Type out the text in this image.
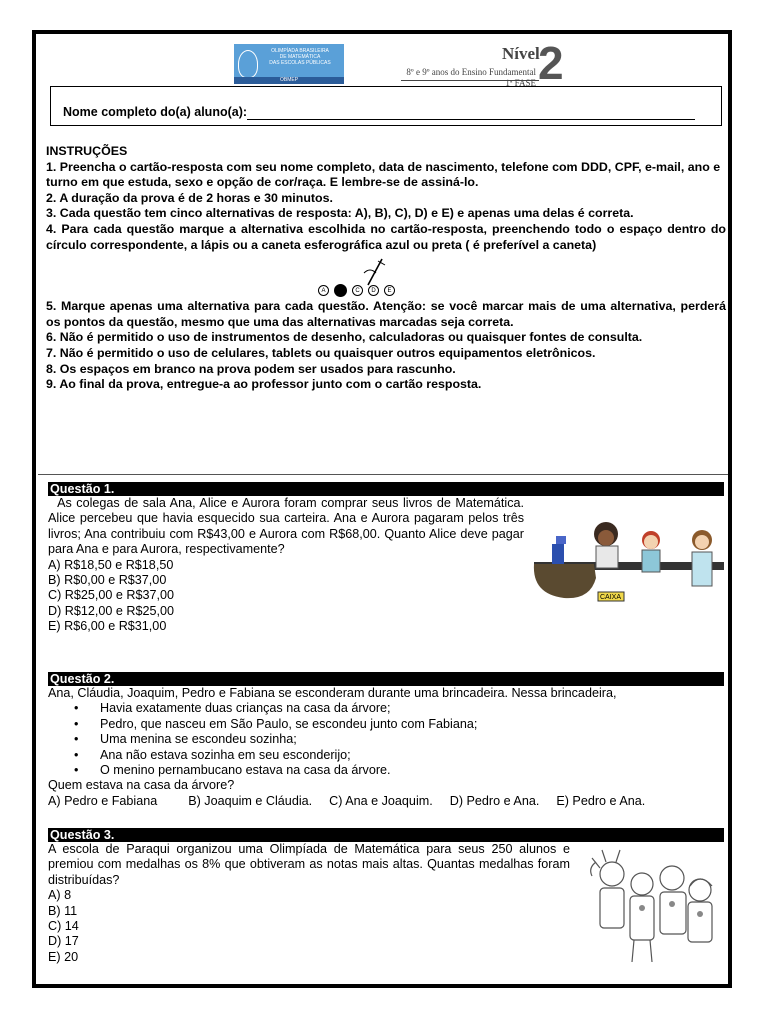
OLIMPÍADA BRASILEIRA
DE MATEMÁTICA
DAS ESCOLAS PÚBLICAS
OBMEP
Nível
2
8º e 9º anos do Ensino Fundamental
1ª FASE
Nome completo do(a) aluno(a):

INSTRUÇÕES

1. Preencha o cartão-resposta com seu nome completo, data de nascimento, telefone com DDD, CPF, e-mail, ano e turno em que estuda, sexo e opção de cor/raça. E lembre-se de assiná-lo.

2. A duração da prova é de 2 horas e 30 minutos.

3. Cada questão tem cinco alternativas de resposta: A), B), C), D) e E) e apenas uma delas é correta.

4. Para cada questão marque a alternativa escolhida no cartão-resposta, preenchendo todo o espaço dentro do círculo correspondente, a lápis ou a caneta esferográfica azul ou preta ( é preferível a caneta)

A	B	C	D	E

5. Marque apenas uma alternativa para cada questão. Atenção: se você marcar mais de uma alternativa, perderá

os pontos da questão, mesmo que uma das alternativas marcadas seja correta.

6. Não é permitido o uso de instrumentos de desenho, calculadoras ou quaisquer fontes de consulta.

7. Não é permitido o uso de celulares, tablets ou quaisquer outros equipamentos eletrônicos.

8. Os espaços em branco na prova podem ser usados para rascunho.

9. Ao final da prova, entregue-a ao professor junto com o cartão resposta.

Questão 1.

As colegas de sala Ana, Alice e Aurora foram comprar seus livros de Matemática. Alice percebeu que havia esquecido sua carteira. Ana e Aurora pagaram pelos três livros; Ana contribuiu com R$43,00 e Aurora com R$68,00. Quanto Alice deve pagar para Ana e para Aurora, respectivamente?

A) R$18,50 e R$18,50

B) R$0,00 e R$37,00

C) R$25,00 e R$37,00

D) R$12,00 e R$25,00

E) R$6,00 e R$31,00

CAIXA
Questão 2.

Ana, Cláudia, Joaquim, Pedro e Fabiana se esconderam durante uma brincadeira. Nessa brincadeira,

• Havia exatamente duas crianças na casa da árvore;
• Pedro, que nasceu em São Paulo, se escondeu junto com Fabiana;
• Uma menina se escondeu sozinha;
• Ana não estava sozinha em seu esconderijo;
• O menino pernambucano estava na casa da árvore.

Quem estava na casa da árvore?

A) Pedro e Fabiana B) Joaquim e Cláudia. C) Ana e Joaquim. D) Pedro e Ana. E) Pedro e Ana.

Questão 3.

A escola de Paraqui organizou uma Olimpíada de Matemática para seus 250 alunos e premiou com medalhas os 8% que obtiveram as notas mais altas. Quantas medalhas foram distribuídas?

A) 8

B) 11

C) 14

D) 17

E) 20
